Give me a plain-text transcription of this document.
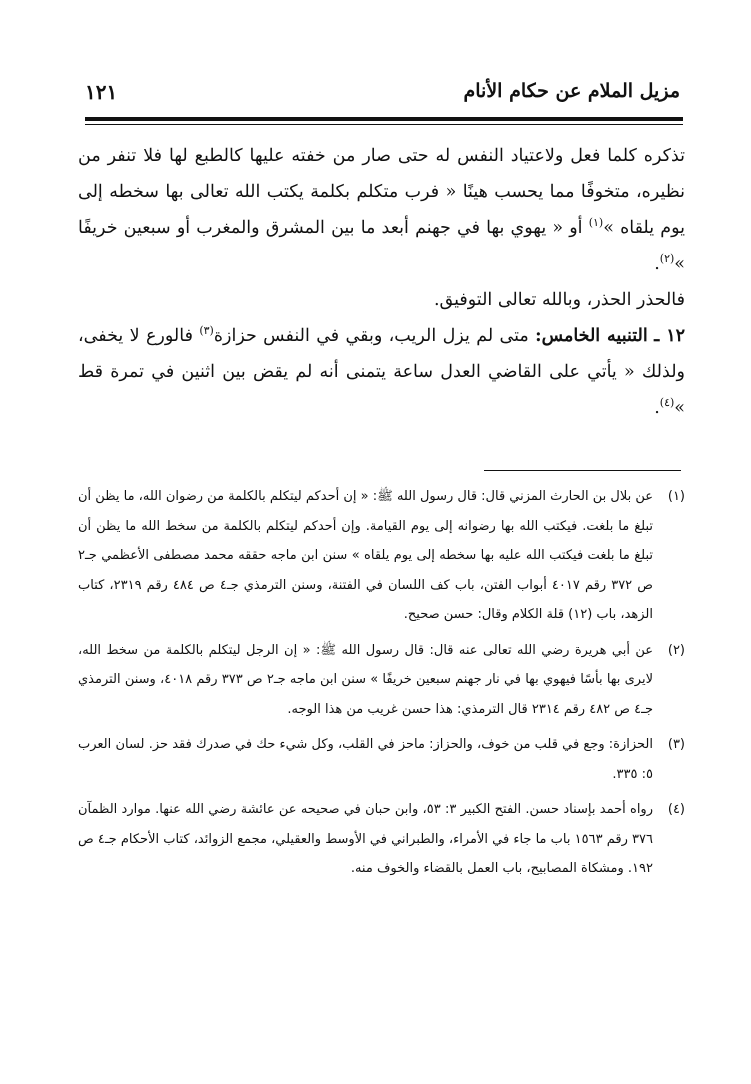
مزيل الملام عن حكام الأنام
١٢١

تذكره كلما فعل ولاعتياد النفس له حتى صار من خفته عليها كالطبع لها فلا تنفر من نظيره، متخوفًا مما يحسب هينًا « فرب متكلم بكلمة يكتب الله تعالى بها سخطه إلى يوم يلقاه »$^{(١)}$ أو « يهوي بها في جهنم أبعد ما بين المشرق والمغرب أو سبعين خريفًا »$^{(٢)}$.

فالحذر الحذر، وبالله تعالى التوفيق.

١٢ ـ التنبيه الخامس: متى لم يزل الريب، وبقي في النفس حزازة$^{(٣)}$ فالورع لا يخفى، ولذلك « يأتي على القاضي العدل ساعة يتمنى أنه لم يقض بين اثنين في تمرة قط »$^{(٤)}$.

(١)
عن بلال بن الحارث المزني قال: قال رسول الله ﷺ: « إن أحدكم ليتكلم بالكلمة من رضوان الله، ما يظن أن تبلغ ما بلغت. فيكتب الله بها رضوانه إلى يوم القيامة. وإن أحدكم ليتكلم بالكلمة من سخط الله ما يظن أن تبلغ ما بلغت فيكتب الله عليه بها سخطه إلى يوم يلقاه » سنن ابن ماجه حققه محمد مصطفى الأعظمي جـ٢ ص ٣٧٢ رقم ٤٠١٧ أبواب الفتن، باب كف اللسان في الفتنة، وسنن الترمذي جـ٤ ص ٤٨٤ رقم ٢٣١٩، كتاب الزهد، باب (١٢) قلة الكلام وقال: حسن صحيح.
(٢)
عن أبي هريرة رضي الله تعالى عنه قال: قال رسول الله ﷺ: « إن الرجل ليتكلم بالكلمة من سخط الله، لايرى بها بأسًا فيهوي بها في نار جهنم سبعين خريفًا » سنن ابن ماجه جـ٢ ص ٣٧٣ رقم ٤٠١٨، وسنن الترمذي جـ٤ ص ٤٨٢ رقم ٢٣١٤ قال الترمذي: هذا حسن غريب من هذا الوجه.
(٣)
الحزازة: وجع في قلب من خوف، والحزاز: ماحز في القلب، وكل شيء حك في صدرك فقد حز. لسان العرب ٥: ٣٣٥.
(٤)
رواه أحمد بإسناد حسن. الفتح الكبير ٣: ٥٣، وابن حبان في صحيحه عن عائشة رضي الله عنها. موارد الظمآن ٣٧٦ رقم ١٥٦٣ باب ما جاء في الأمراء، والطبراني في الأوسط والعقيلي، مجمع الزوائد، كتاب الأحكام جـ٤ ص ١٩٢. ومشكاة المصابيح، باب العمل بالقضاء والخوف منه.
